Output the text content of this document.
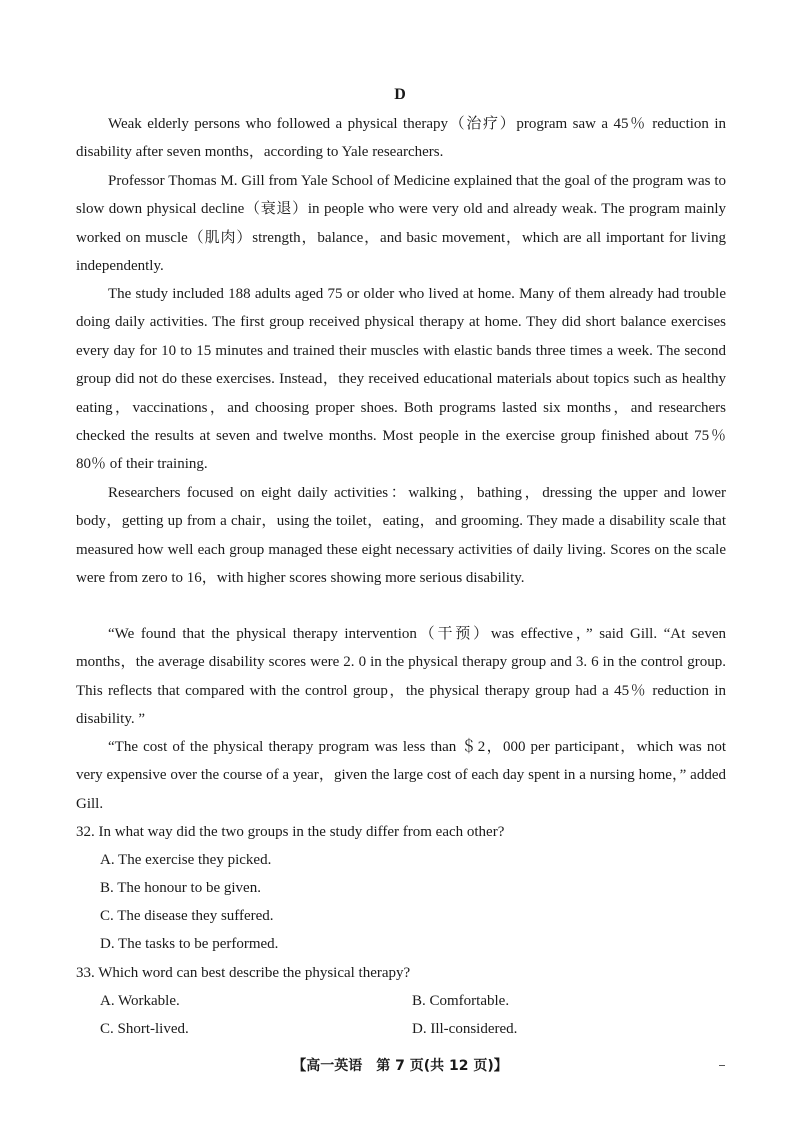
D

Weak elderly persons who followed a physical therapy（治疗）program saw a 45％ reduction in disability after seven months，according to Yale researchers.

Professor Thomas M. Gill from Yale School of Medicine explained that the goal of the program was to slow down physical decline（衰退）in people who were very old and already weak. The program mainly worked on muscle（肌肉）strength，balance，and basic movement，which are all important for living independently.

The study included 188 adults aged 75 or older who lived at home. Many of them already had trouble doing daily activities. The first group received physical therapy at home. They did short balance exercises every day for 10 to 15 minutes and trained their muscles with elastic bands three times a week. The second group did not do these exercises. Instead，they received educational materials about topics such as healthy eating，vaccinations，and choosing proper shoes. Both programs lasted six months，and researchers checked the results at seven and twelve months. Most people in the exercise group finished about 75％ 80％ of their training.

Researchers focused on eight daily activities：walking，bathing，dressing the upper and lower body，getting up from a chair，using the toilet，eating，and grooming. They made a disability scale that measured how well each group managed these eight necessary activities of daily living. Scores on the scale were from zero to 16，with higher scores showing more serious disability.

“We found that the physical therapy intervention（干预）was effective，” said Gill. “At seven months，the average disability scores were 2. 0 in the physical therapy group and 3. 6 in the control group. This reflects that compared with the control group，the physical therapy group had a 45％ reduction in disability. ”

“The cost of the physical therapy program was less than ＄2，000 per participant，which was not very expensive over the course of a year，given the large cost of each day spent in a nursing home，” added Gill.

32. In what way did the two groups in the study differ from each other?

A. The exercise they picked.

B. The honour to be given.

C. The disease they suffered.

D. The tasks to be performed.

33. Which word can best describe the physical therapy?

A. Workable.	B. Comfortable.

C. Short-lived.	D. Ill-considered.

【高一英语　第 7 页(共 12 页)】
